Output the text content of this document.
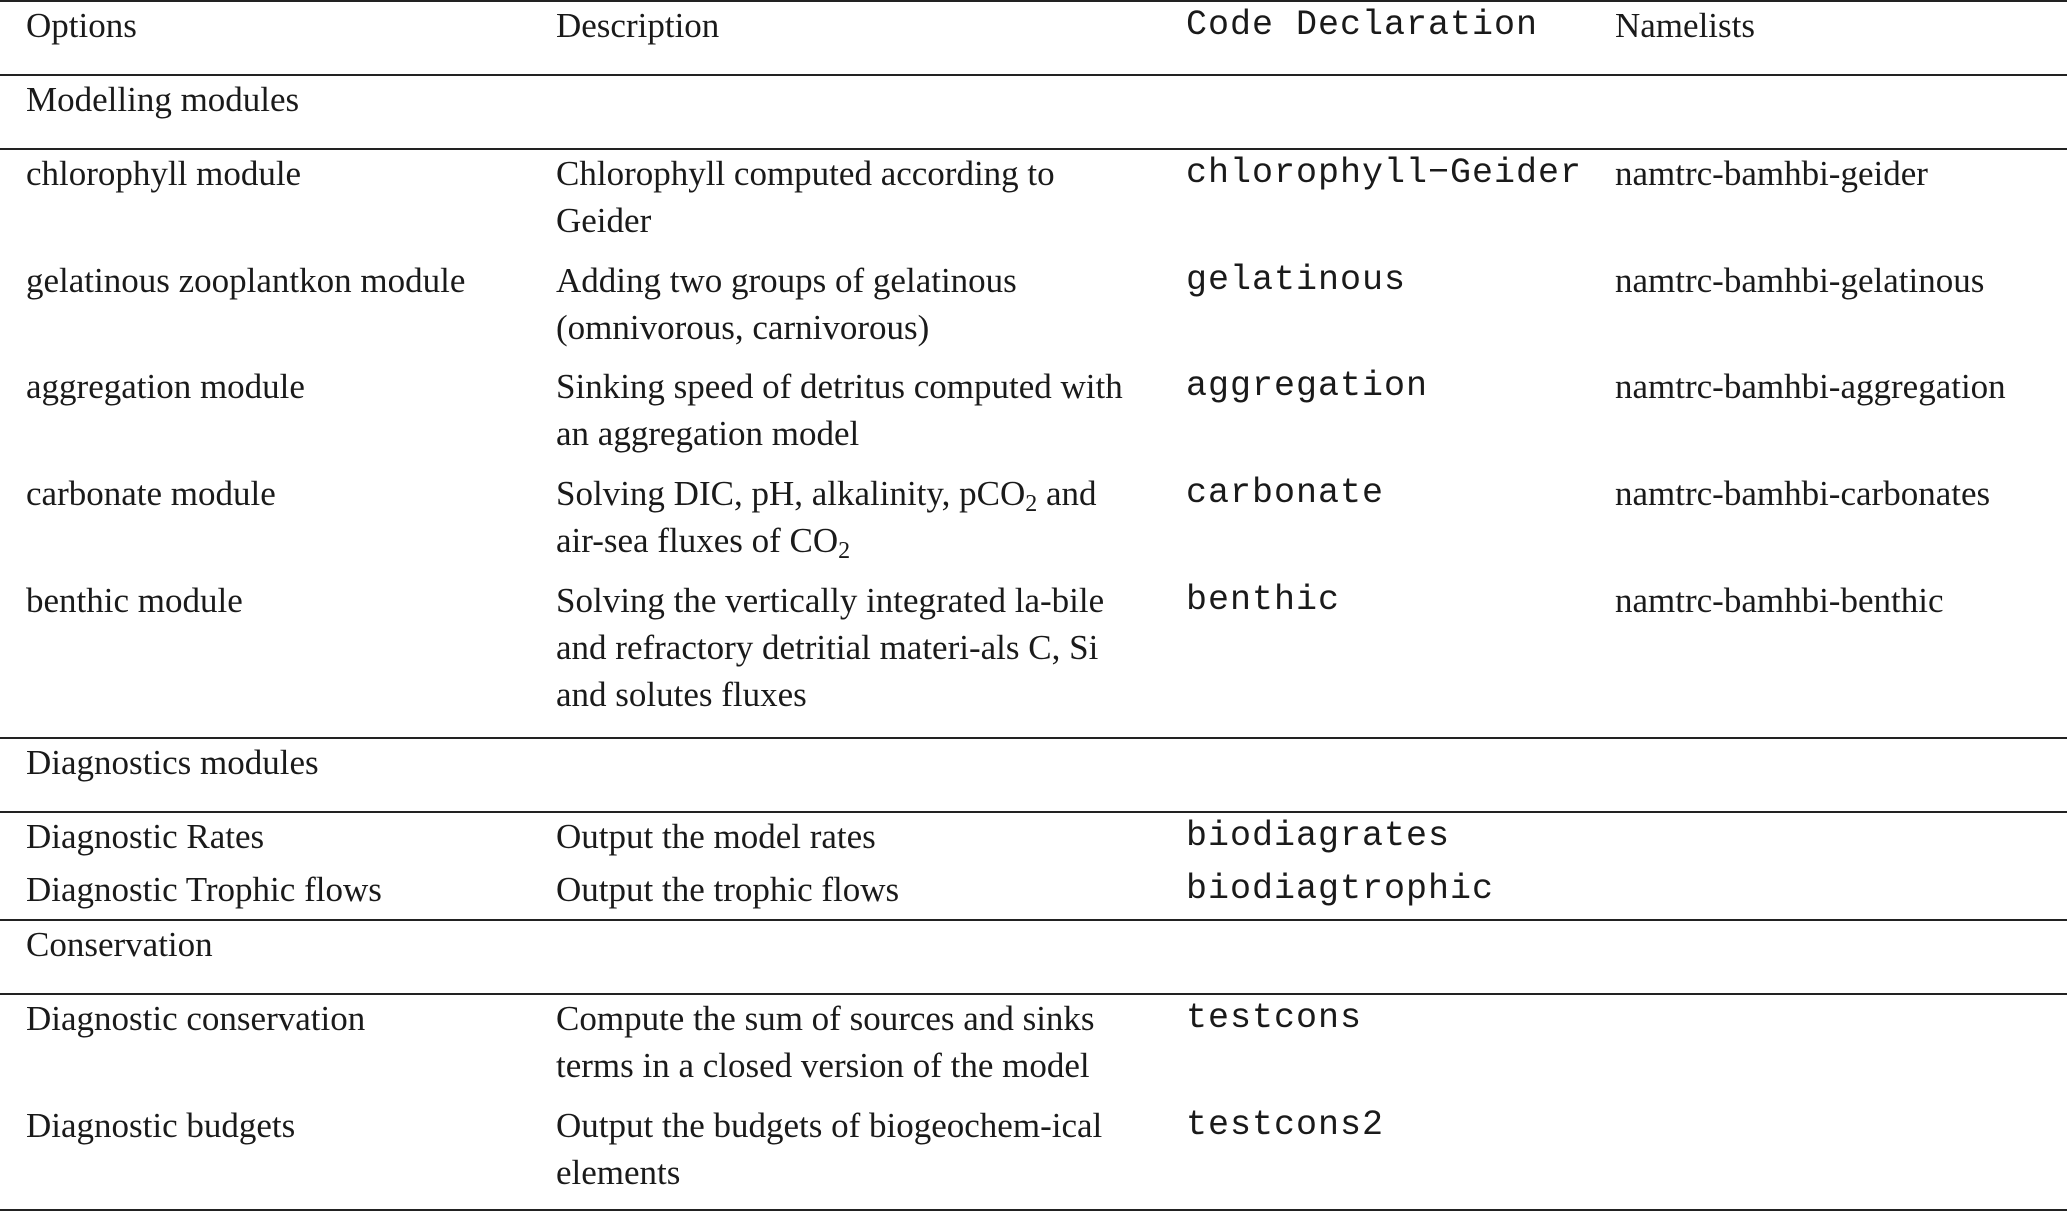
Options	Description	Code Declaration	Namelists
Modelling modules			
chlorophyll module	Chlorophyll computed according to Geider	chlorophyll−Geider	namtrc-bamhbi-geider
gelatinous zooplantkon module	Adding two groups of gelatinous (omnivorous, carnivorous)	gelatinous	namtrc-bamhbi-gelatinous
aggregation module	Sinking speed of detritus computed with an aggregation model	aggregation	namtrc-bamhbi-aggregation
carbonate module	Solving DIC, pH, alkalinity, pCO$_2$ and air-sea fluxes of $CO_2$	carbonate	namtrc-bamhbi-carbonates
benthic module	Solving the vertically integrated la-bile and refractory detritial materi-als C, Si and solutes fluxes	benthic	namtrc-bamhbi-benthic
Diagnostics modules			
Diagnostic Rates	Output the model rates	biodiagrates	
Diagnostic Trophic flows	Output the trophic flows	biodiagtrophic	
Conservation			
Diagnostic conservation	Compute the sum of sources and sinks terms in a closed version of the model	testcons	
Diagnostic budgets	Output the budgets of biogeochem-ical elements	testcons2	
